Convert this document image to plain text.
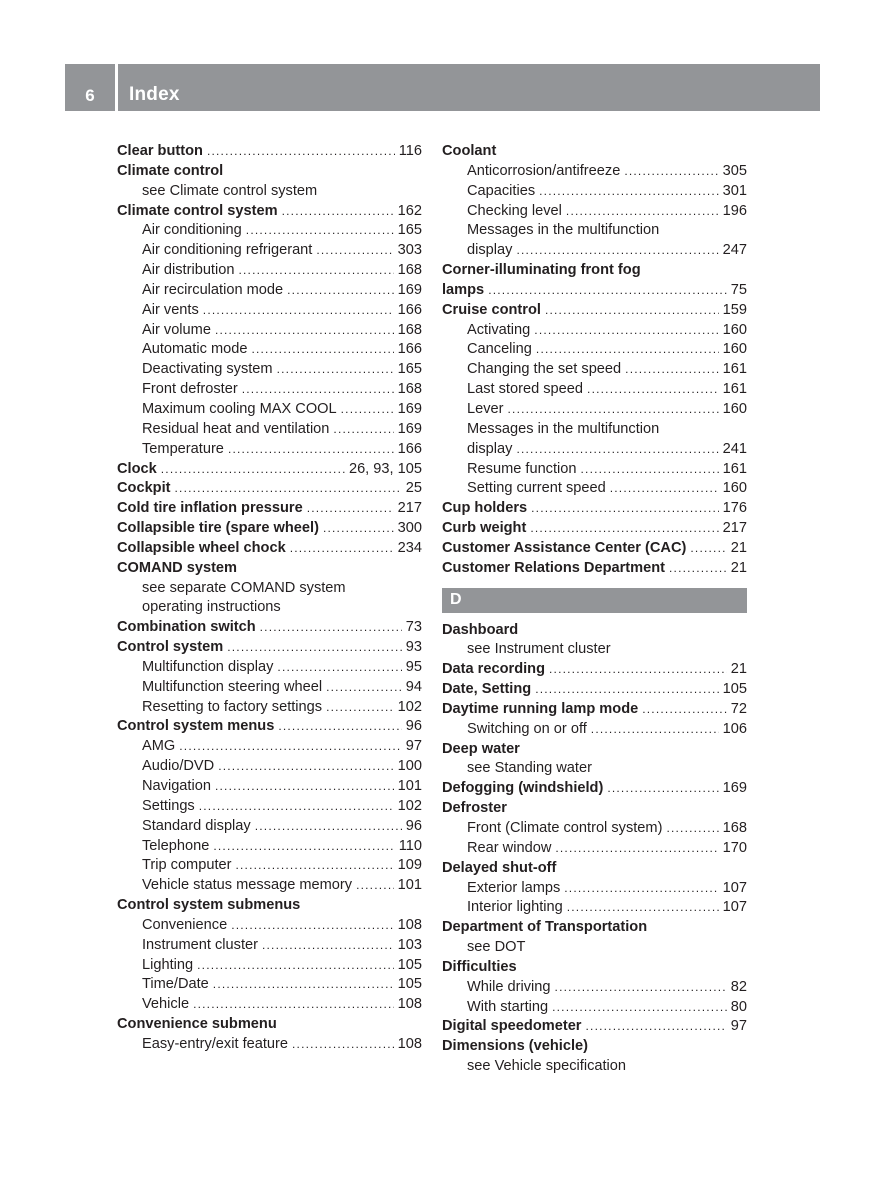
6	Index
Clear button .....	116
Climate control
see Climate control system
Climate control system .....	162
Air conditioning .....	165
Air conditioning refrigerant .....	303
Air distribution .....	168
Air recirculation mode .....	169
Air vents .....	166
Air volume .....	168
Automatic mode .....	166
Deactivating system .....	165
Front defroster .....	168
Maximum cooling MAX COOL .....	169
Residual heat and ventilation .....	169
Temperature .....	166
Clock .....	26, 93, 105
Cockpit .....	25
Cold tire inflation pressure .....	217
Collapsible tire (spare wheel) .....	300
Collapsible wheel chock .....	234
COMAND system
see separate COMAND system
operating instructions
Combination switch .....	73
Control system .....	93
Multifunction display .....	95
Multifunction steering wheel .....	94
Resetting to factory settings .....	102
Control system menus .....	96
AMG .....	97
Audio/DVD .....	100
Navigation .....	101
Settings .....	102
Standard display .....	96
Telephone .....	110
Trip computer .....	109
Vehicle status message memory .....	101
Control system submenus
Convenience .....	108
Instrument cluster .....	103
Lighting .....	105
Time/Date .....	105
Vehicle .....	108
Convenience submenu
Easy-entry/exit feature .....	108
Coolant
Anticorrosion/antifreeze .....	305
Capacities .....	301
Checking level .....	196
Messages in the multifunction
display .....	247
Corner-illuminating front fog
lamps .....	75
Cruise control .....	159
Activating .....	160
Canceling .....	160
Changing the set speed .....	161
Last stored speed .....	161
Lever .....	160
Messages in the multifunction
display .....	241
Resume function .....	161
Setting current speed .....	160
Cup holders .....	176
Curb weight .....	217
Customer Assistance Center (CAC) .....	21
Customer Relations Department .....	21
D
Dashboard
see Instrument cluster
Data recording .....	21
Date, Setting .....	105
Daytime running lamp mode .....	72
Switching on or off .....	106
Deep water
see Standing water
Defogging (windshield) .....	169
Defroster
Front (Climate control system) .....	168
Rear window .....	170
Delayed shut-off
Exterior lamps .....	107
Interior lighting .....	107
Department of Transportation
see DOT
Difficulties
While driving .....	82
With starting .....	80
Digital speedometer .....	97
Dimensions (vehicle)
see Vehicle specification
